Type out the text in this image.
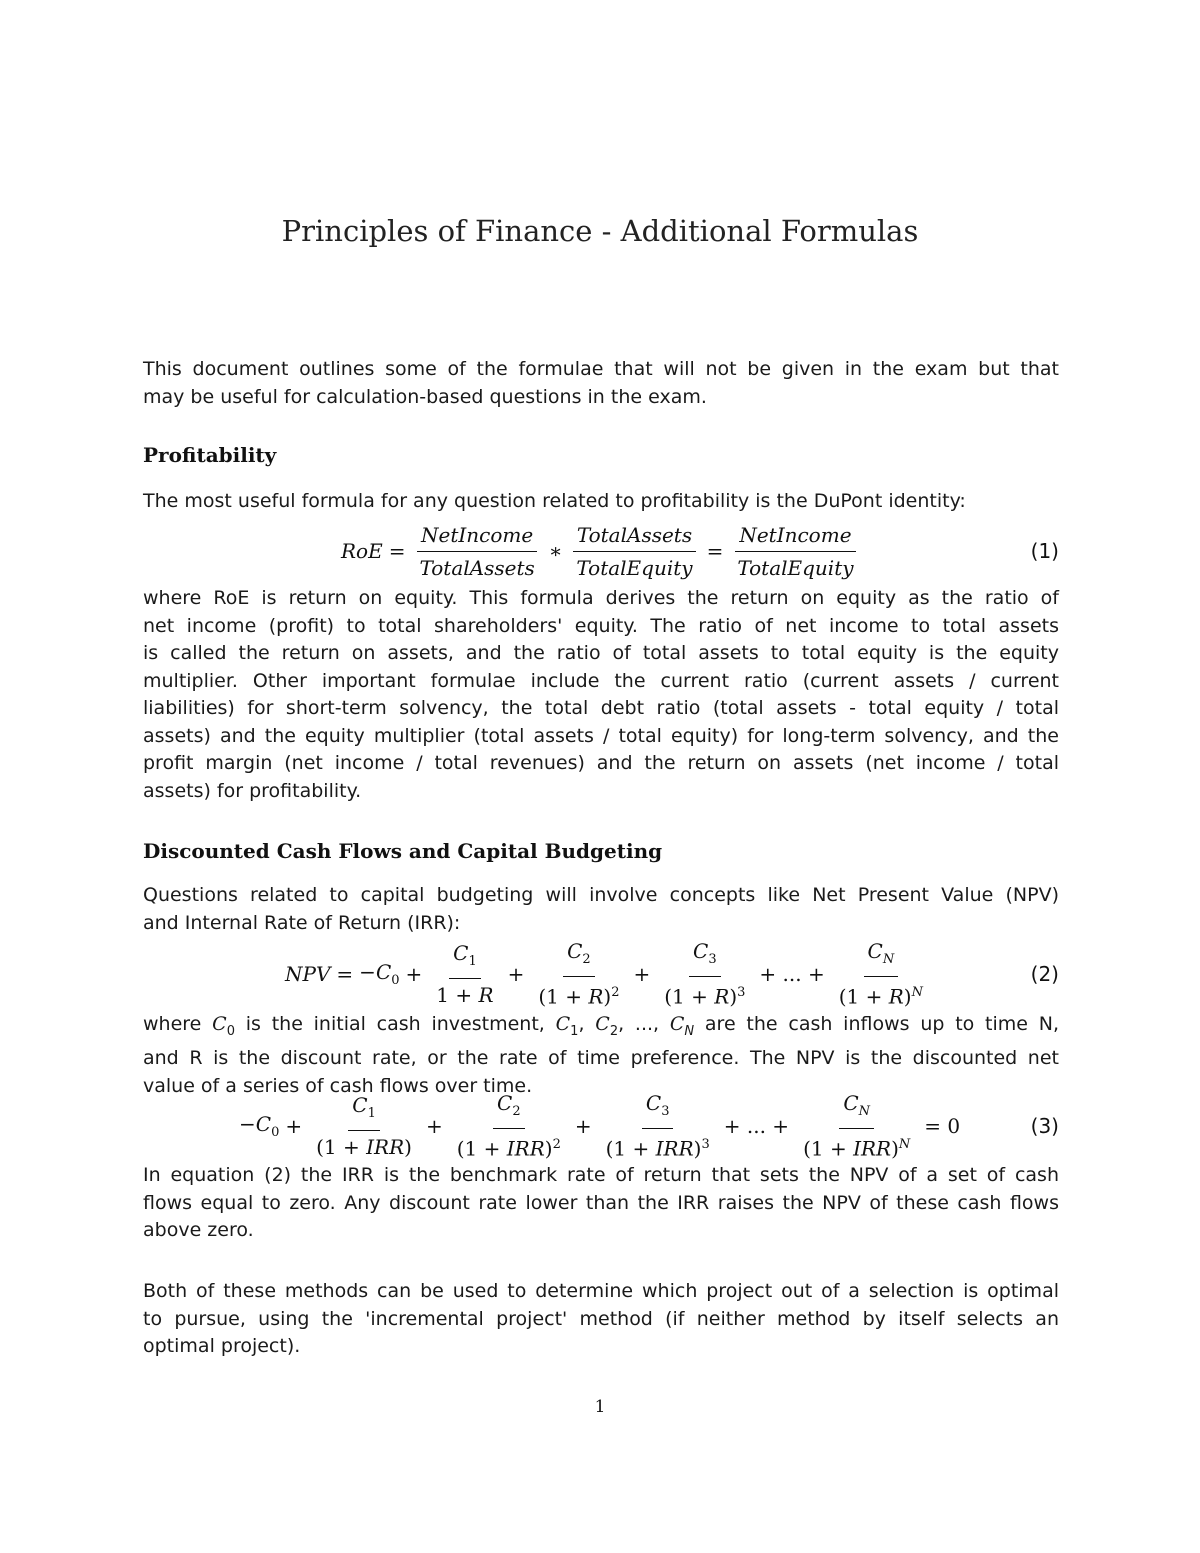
Principles of Finance - Additional Formulas
This document outlines some of the formulae that will not be given in the exam but that
may be useful for calculation-based questions in the exam.
Profitability
The most useful formula for any question related to profitability is the DuPont identity:
RoE = $\frac{\text{NetIncome}}{\text{TotalAssets}}$ ∗ $\frac{\text{TotalAssets}}{\text{TotalEquity}} = \frac{\text{NetIncome}}{\text{TotalEquity}}$	(1)
where RoE is return on equity. This formula derives the return on equity as the ratio of
net income (profit) to total shareholders' equity. The ratio of net income to total assets
is called the return on assets, and the ratio of total assets to total equity is the equity
multiplier. Other important formulae include the current ratio (current assets / current
liabilities) for short-term solvency, the total debt ratio (total assets - total equity / total
assets) and the equity multiplier (total assets / total equity) for long-term solvency, and the
profit margin (net income / total revenues) and the return on assets (net income / total
assets) for profitability.
Discounted Cash Flows and Capital Budgeting
Questions related to capital budgeting will involve concepts like Net Present Value (NPV)
and Internal Rate of Return (IRR):
NPV = $-C_0 + \frac{C_1}{1 + R} + \frac{C_2}{(1 + R)^2} + \frac{C_3}{(1 + R)^3}$ + ... + $\frac{C_N}{(1 + R)^N}$	(2)
where $C_0$ is the initial cash investment, $C_1$, $C_2$, ..., $C_N$ are the cash inflows up to time N,
and R is the discount rate, or the rate of time preference. The NPV is the discounted net
value of a series of cash flows over time.
$-C_0 + \frac{C_1}{\text{(1 + IRR)}} + \frac{C_2}{(1 + IRR)^2} + \frac{C_3}{(1 + IRR)^3}$ + ... + $\frac{C_N}{(1 + IRR)^N} = 0$	(3)
In equation (2) the IRR is the benchmark rate of return that sets the NPV of a set of cash
flows equal to zero. Any discount rate lower than the IRR raises the NPV of these cash flows
above zero.
Both of these methods can be used to determine which project out of a selection is optimal
to pursue, using the 'incremental project' method (if neither method by itself selects an
optimal project).
1
